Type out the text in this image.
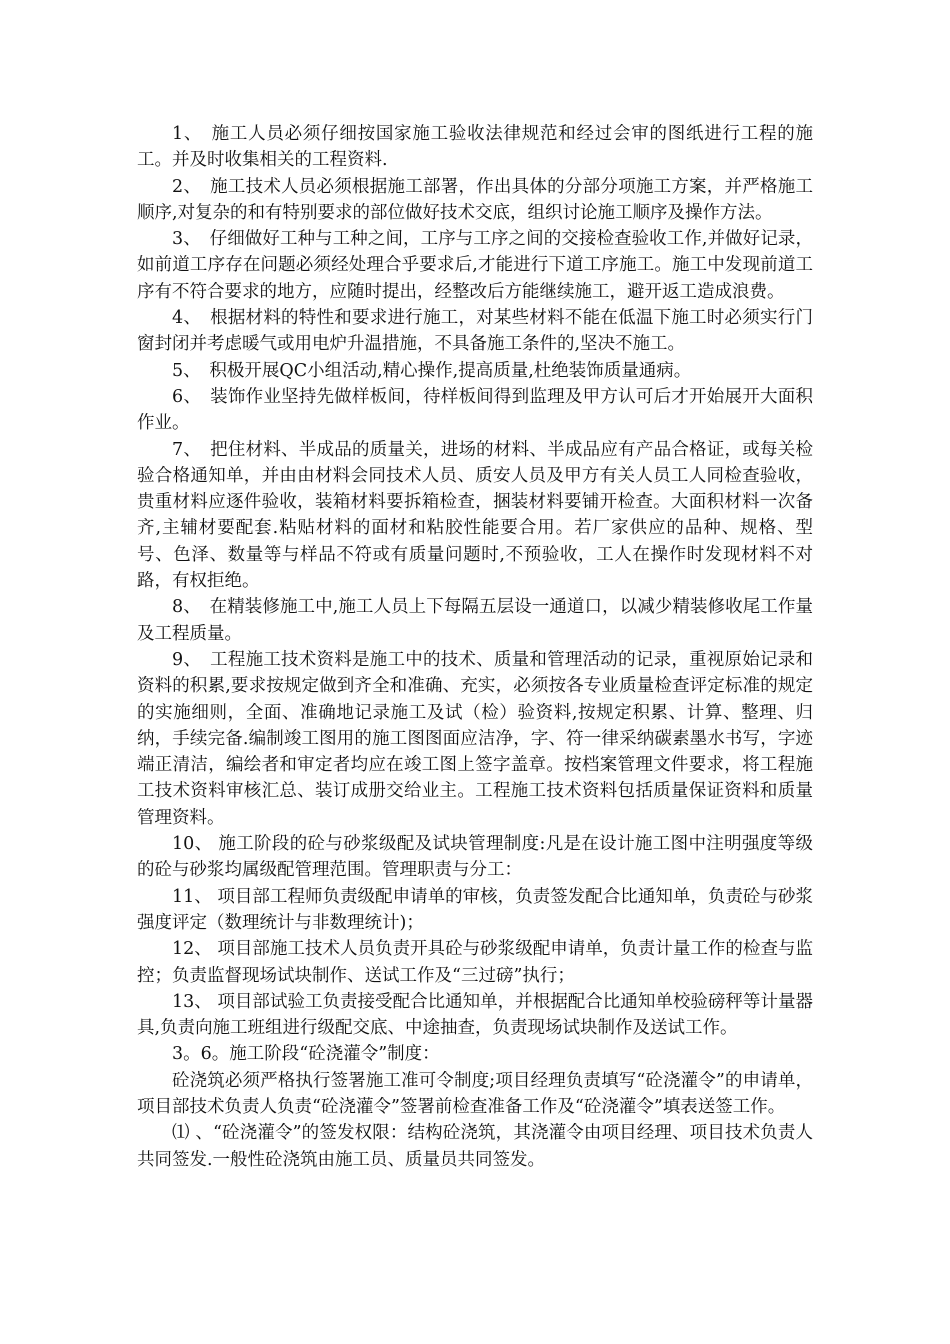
1、　施工人员必须仔细按国家施工验收法律规范和经过会审的图纸进行工程的施工。并及时收集相关的工程资料.

2、　施工技术人员必须根据施工部署，作出具体的分部分项施工方案，并严格施工顺序,对复杂的和有特别要求的部位做好技术交底，组织讨论施工顺序及操作方法。

3、　仔细做好工种与工种之间，工序与工序之间的交接检查验收工作,并做好记录，如前道工序存在问题必须经处理合乎要求后,才能进行下道工序施工。施工中发现前道工序有不符合要求的地方，应随时提出，经整改后方能继续施工，避开返工造成浪费。

4、　根据材料的特性和要求进行施工，对某些材料不能在低温下施工时必须实行门窗封闭并考虑暖气或用电炉升温措施，不具备施工条件的,坚决不施工。

5、　积极开展QC小组活动,精心操作,提高质量,杜绝装饰质量通病。

6、　装饰作业坚持先做样板间，待样板间得到监理及甲方认可后才开始展开大面积作业。

7、　把住材料、半成品的质量关，进场的材料、半成品应有产品合格证，或每关检验合格通知单，并由由材料会同技术人员、质安人员及甲方有关人员工人同检查验收，贵重材料应逐件验收，装箱材料要拆箱检查，捆装材料要铺开检查。大面积材料一次备齐,主辅材要配套.粘贴材料的面材和粘胶性能要合用。若厂家供应的品种、规格、型号、色泽、数量等与样品不符或有质量问题时,不预验收，工人在操作时发现材料不对路，有权拒绝。

8、　在精装修施工中,施工人员上下每隔五层设一通道口，以减少精装修收尾工作量及工程质量。

9、　工程施工技术资料是施工中的技术、质量和管理活动的记录，重视原始记录和资料的积累,要求按规定做到齐全和准确、充实，必须按各专业质量检查评定标准的规定的实施细则，全面、准确地记录施工及试（检）验资料,按规定积累、计算、整理、归纳，手续完备.编制竣工图用的施工图图面应洁净，字、符一律采纳碳素墨水书写，字迹端正清洁，编绘者和审定者均应在竣工图上签字盖章。按档案管理文件要求，将工程施工技术资料审核汇总、装订成册交给业主。工程施工技术资料包括质量保证资料和质量管理资料。

10、 施工阶段的砼与砂浆级配及试块管理制度:凡是在设计施工图中注明强度等级的砼与砂浆均属级配管理范围。管理职责与分工：

11、 项目部工程师负责级配申请单的审核，负责签发配合比通知单，负责砼与砂浆强度评定（数理统计与非数理统计)；

12、 项目部施工技术人员负责开具砼与砂浆级配申请单，负责计量工作的检查与监控；负责监督现场试块制作、送试工作及“三过磅”执行；

13、 项目部试验工负责接受配合比通知单，并根据配合比通知单校验磅秤等计量器具,负责向施工班组进行级配交底、中途抽查，负责现场试块制作及送试工作。

3。6。施工阶段“砼浇灌令”制度：

砼浇筑必须严格执行签署施工准可令制度;项目经理负责填写“砼浇灌令”的申请单，项目部技术负责人负责“砼浇灌令”签署前检查准备工作及“砼浇灌令”填表送签工作。

⑴ 、“砼浇灌令”的签发权限：结构砼浇筑，其浇灌令由项目经理、项目技术负责人共同签发.一般性砼浇筑由施工员、质量员共同签发。
